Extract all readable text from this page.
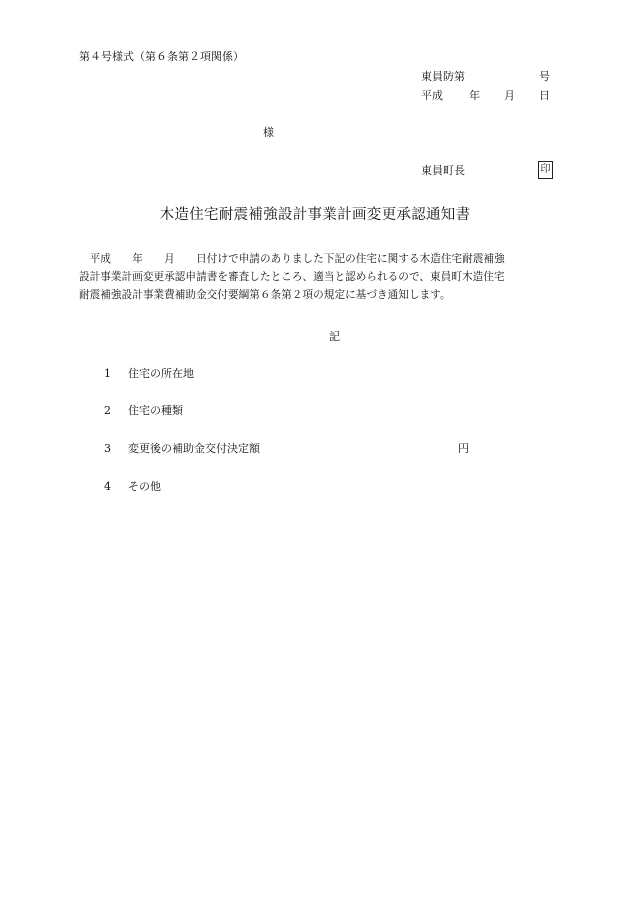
第４号様式（第６条第２項関係）
東員防第	号
平成 年 月 日
様
東員町長	印
木造住宅耐震補強設計事業計画変更承認通知書
　平成　　年　　月　　日付けで申請のありました下記の住宅に関する木造住宅耐震補強
設計事業計画変更承認申請書を審査したところ、適当と認められるので、東員町木造住宅
耐震補強設計事業費補助金交付要綱第６条第２項の規定に基づき通知します。
記
1 住宅の所在地
2 住宅の種類
3 変更後の補助金交付決定額	円
4 その他
